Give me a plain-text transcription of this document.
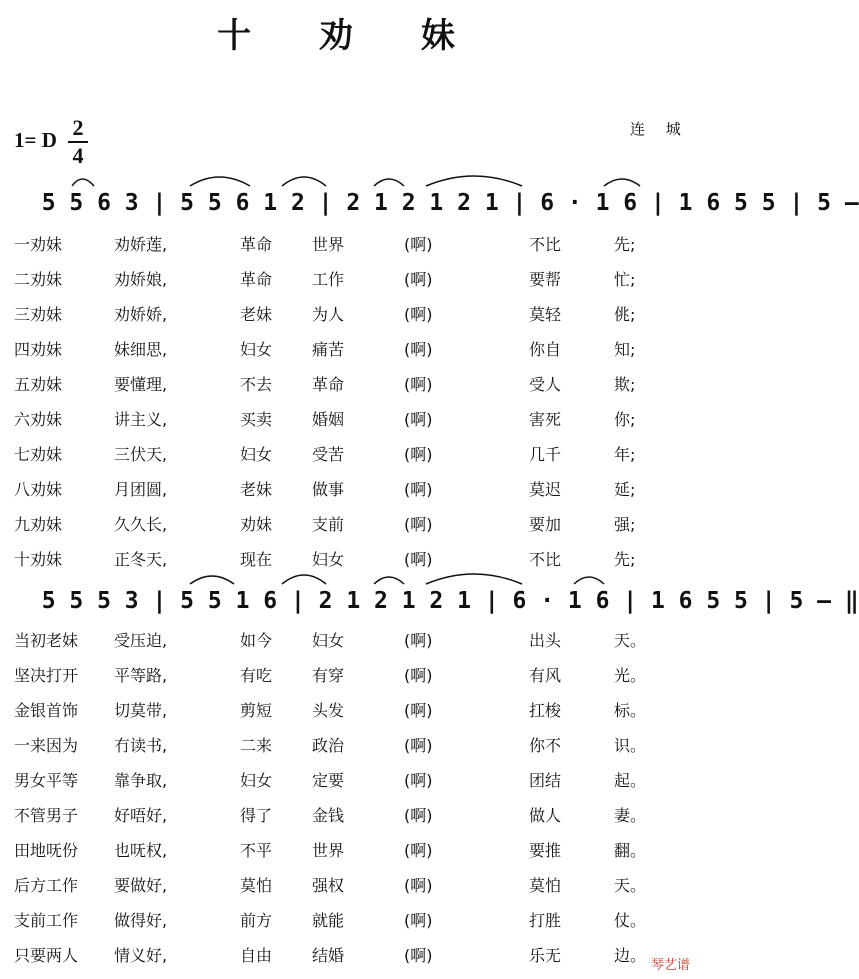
十 劝 妹
1= D 2
4
连 城

5 5 6 3 | 5 5 6 1 2 | 2 1 2 1 2 1 | 6 · 1 6 | 1 6 5 5 | 5 –

一劝妹	劝娇莲,	革命 世界	(啊)	不比	先;
二劝妹	劝娇娘,	革命 工作	(啊)	要帮	忙;
三劝妹	劝娇娇,	老妹 为人	(啊)	莫轻	佻;
四劝妹	妹细思,	妇女 痛苦	(啊)	你自	知;
五劝妹	要懂理,	不去 革命	(啊)	受人	欺;
六劝妹	讲主义,	买卖 婚姻	(啊)	害死	你;
七劝妹	三伏天,	妇女 受苦	(啊)	几千	年;
八劝妹	月团圆,	老妹 做事	(啊)	莫迟	延;
九劝妹	久久长,	劝妹 支前	(啊)	要加	强;
十劝妹	正冬天,	现在 妇女	(啊)	不比	先;

5 5 5 3 | 5 5 1 6 | 2 1 2 1 2 1 | 6 · 1 6 | 1 6 5 5 | 5 – ‖

当初老妹 受压迫,	如今 妇女	(啊)	出头	天。
坚决打开 平等路,	有吃 有穿	(啊)	有风	光。
金银首饰 切莫带,	剪短 头发	(啊)	扛梭	标。
一来因为 冇读书,	二来 政治	(啊)	你不	识。
男女平等 靠争取,	妇女 定要	(啊)	团结	起。
不管男子 好唔好,	得了 金钱	(啊)	做人	妻。
田地呒份 也呒权,	不平 世界	(啊)	要推	翻。
后方工作 要做好,	莫怕 强权	(啊)	莫怕	天。
支前工作 做得好,	前方 就能	(啊)	打胜	仗。
只要两人 情义好,	自由 结婚	(啊)	乐无	边。
琴艺谱
